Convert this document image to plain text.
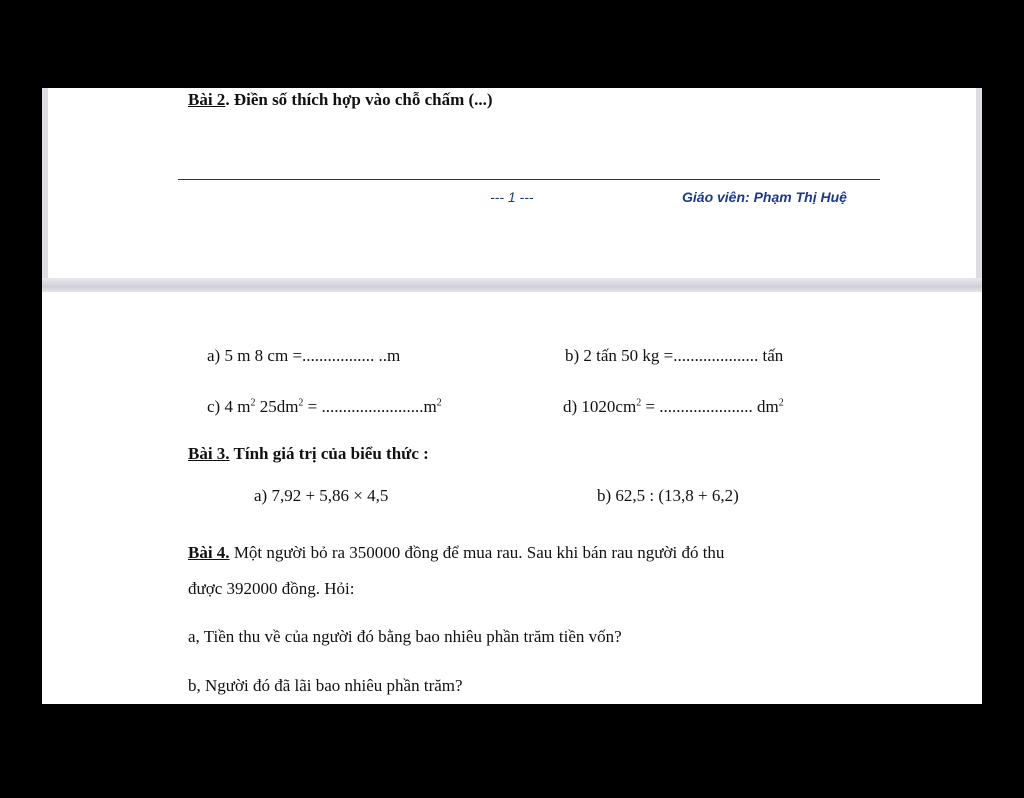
Bài 2. Điền số thích hợp vào chỗ chấm (...)
--- 1 ---	Giáo viên: Phạm Thị Huệ
a) 5 m 8 cm =................. ..m	b) 2 tấn 50 kg =.................... tấn
c) 4 $m^2$ $25dm^2 = ........................m^2$	d) $1020cm^2$ = ...................... $dm^2$
Bài 3. Tính giá trị của biểu thức :
a) 7,92 + 5,86 × 4,5	b) 62,5 : (13,8 + 6,2)
Bài 4. Một người bỏ ra 350000 đồng để mua rau. Sau khi bán rau người đó thu
được 392000 đồng. Hỏi:
a, Tiền thu về của người đó bằng bao nhiêu phần trăm tiền vốn?
b, Người đó đã lãi bao nhiêu phần trăm?
